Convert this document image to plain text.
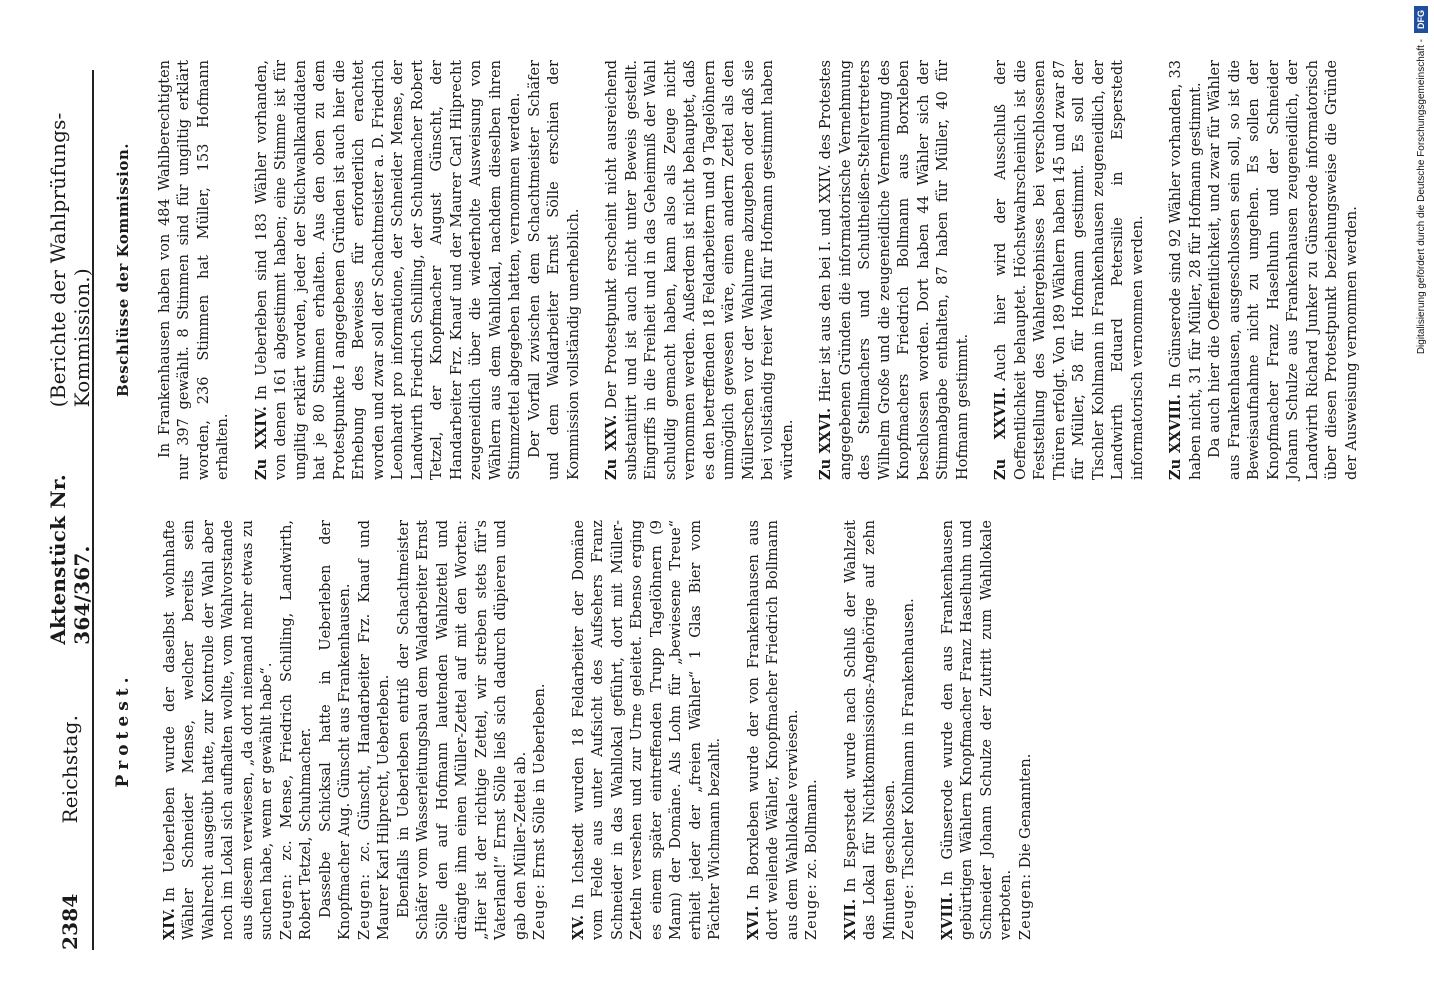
2384
Reichstag.
Aktenstück Nr. 364/367.
(Berichte der Wahlprüfungs-Kommission.)
Protest.

XIV.In Ueberleben wurde der daselbst wohnhafte Wähler Schneider Mense, welcher bereits sein Wahlrecht ausgeübt hatte, zur Kontrolle der Wahl aber noch im Lokal sich aufhalten wollte, vom Wahlvorstande aus diesem verwiesen, „da dort niemand mehr etwas zu suchen habe, wenn er gewählt habe“. Zeugen: zc. Mense, Friedrich Schilling, Landwirth, Robert Tetzel, Schuhmacher. Dasselbe Schicksal hatte in Ueberleben der Knopfmacher Aug. Günscht aus Frankenhausen. Zeugen: zc. Günscht, Handarbeiter Frz. Knauf und Maurer Karl Hilprecht, Ueberleben. Ebenfalls in Ueberleben entriß der Schachtmeister Schäfer vom Wasserleitungsbau dem Waldarbeiter Ernst Sölle den auf Hofmann lautenden Wahlzettel und drängte ihm einen Müller-Zettel auf mit den Worten: „Hier ist der richtige Zettel, wir streben stets für's Vaterland!“ Ernst Sölle ließ sich dadurch düpieren und gab den Müller-Zettel ab. Zeuge: Ernst Sölle in Ueberleben.

XV.In Ichstedt wurden 18 Feldarbeiter der Domäne vom Felde aus unter Aufsicht des Aufsehers Franz Schneider in das Wahllokal geführt, dort mit Müller-Zetteln versehen und zur Urne geleitet. Ebenso erging es einem später eintreffenden Trupp Tagelöhnern (9 Mann) der Domäne. Als Lohn für „bewiesene Treue“ erhielt jeder der „freien Wähler“ 1 Glas Bier vom Pächter Wichmann bezahlt. XVI.In Borxleben wurde der von Frankenhausen aus dort weilende Wähler, Knopfmacher Friedrich Bollmann aus dem Wahllokale verwiesen. Zeuge: zc. Bollmann.

XVII.In Esperstedt wurde nach Schluß der Wahlzeit das Lokal für Nichtkommissions-Angehörige auf zehn Minuten geschlossen. Zeuge: Tischler Kohlmann in Frankenhausen.

XVIII.In Günserode wurde den aus Frankenhausen gebürtigen Wählern Knopfmacher Franz Haselhuhn und Schneider Johann Schulze der Zutritt zum Wahllokale verboten. Zeugen: Die Genannten.

Beschlüsse der Kommission. In Frankenhausen haben von 484 Wahlberechtigten nur 397 gewählt. 8 Stimmen sind für ungiltig erklärt worden, 236 Stimmen hat Müller, 153 Hofmann erhalten. Zu XXIV.In Ueberleben sind 183 Wähler vorhanden, von denen 161 abgestimmt haben; eine Stimme ist für ungiltig erklärt worden, jeder der Stichwahlkandidaten hat je 80 Stimmen erhalten. Aus den oben zu dem Protestpunkte I angegebenen Gründen ist auch hier die Erhebung des Beweises für erforderlich erachtet worden und zwar soll der Schachtmeister a. D. Friedrich Leonhardt pro informatione, der Schneider Mense, der Landwirth Friedrich Schilling, der Schuhmacher Robert Tetzel, der Knopfmacher August Günscht, der Handarbeiter Frz. Knauf und der Maurer Carl Hilprecht zeugeneidlich über die wiederholte Ausweisung von Wählern aus dem Wahllokal, nachdem dieselben ihren Stimmzettel abgegeben hatten, vernommen werden. Der Vorfall zwischen dem Schachtmeister Schäfer und dem Waldarbeiter Ernst Sölle erschien der Kommission vollständig unerheblich. Zu XXV.Der Protestpunkt erscheint nicht ausreichend substantiirt und ist auch nicht unter Beweis gestellt. Eingriffs in die Freiheit und in das Geheimniß der Wahl schuldig gemacht haben, kann also als Zeuge nicht vernommen werden. Außerdem ist nicht behauptet, daß es den betreffenden 18 Feldarbeitern und 9 Tagelöhnern unmöglich gewesen wäre, einen andern Zettel als den Müllerschen vor der Wahlurne abzugeben oder daß sie bei vollständig freier Wahl für Hofmann gestimmt haben würden. Zu XXVI.Hier ist aus den bei I. und XXIV. des Protestes angegebenen Gründen die informatorische Vernehmung des Stellmachers und Schultheißen-Stellvertreters Wilhelm Große und die zeugeneidliche Vernehmung des Knopfmachers Friedrich Bollmann aus Borxleben beschlossen worden. Dort haben 44 Wähler sich der Stimmabgabe enthalten, 87 haben für Müller, 40 für Hofmann gestimmt. Zu XXVII.Auch hier wird der Ausschluß der Oeffentlichkeit behauptet. Höchstwahrscheinlich ist die Feststellung des Wahlergebnisses bei verschlossenen Thüren erfolgt. Von 189 Wählern haben 145 und zwar 87 für Müller, 58 für Hofmann gestimmt. Es soll der Tischler Kohlmann in Frankenhausen zeugeneidlich, der Landwirth Eduard Petersilie in Esperstedt informatorisch vernommen werden. Zu XXVIII.In Günserode sind 92 Wähler vorhanden, 33 haben nicht, 31 für Müller, 28 für Hofmann gestimmt. Da auch hier die Oeffentlichkeit, und zwar für Wähler aus Frankenhausen, ausgeschlossen sein soll, so ist die Beweisaufnahme nicht zu umgehen. Es sollen der Knopfmacher Franz Haselhuhn und der Schneider Johann Schulze aus Frankenhausen zeugeneidlich, der Landwirth Richard Junker zu Günserode informatorisch über diesen Protestpunkt beziehungsweise die Gründe der Ausweisung vernommen werden.	Digitalisierung gefördert durch die Deutsche Forschungsgemeinschaft -
DFG
